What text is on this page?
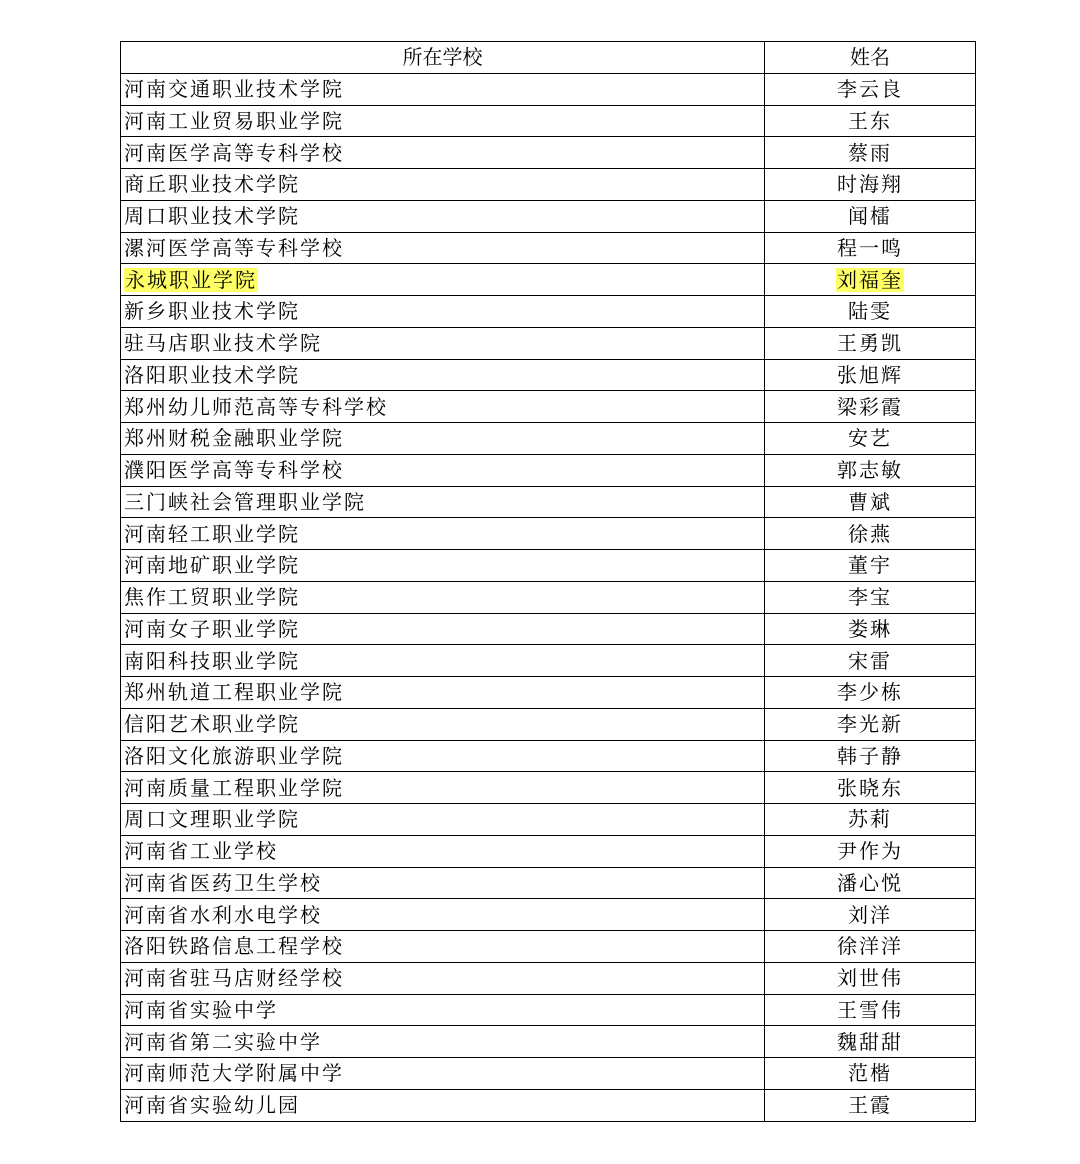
所在学校	姓名
河南交通职业技术学院	李云良
河南工业贸易职业学院	王东
河南医学高等专科学校	蔡雨
商丘职业技术学院	时海翔
周口职业技术学院	闻檑
漯河医学高等专科学校	程一鸣
永城职业学院	刘福奎
新乡职业技术学院	陆雯
驻马店职业技术学院	王勇凯
洛阳职业技术学院	张旭辉
郑州幼儿师范高等专科学校	梁彩霞
郑州财税金融职业学院	安艺
濮阳医学高等专科学校	郭志敏
三门峡社会管理职业学院	曹斌
河南轻工职业学院	徐燕
河南地矿职业学院	董宇
焦作工贸职业学院	李宝
河南女子职业学院	娄琳
南阳科技职业学院	宋雷
郑州轨道工程职业学院	李少栋
信阳艺术职业学院	李光新
洛阳文化旅游职业学院	韩子静
河南质量工程职业学院	张晓东
周口文理职业学院	苏莉
河南省工业学校	尹作为
河南省医药卫生学校	潘心悦
河南省水利水电学校	刘洋
洛阳铁路信息工程学校	徐洋洋
河南省驻马店财经学校	刘世伟
河南省实验中学	王雪伟
河南省第二实验中学	魏甜甜
河南师范大学附属中学	范楷
河南省实验幼儿园	王霞
